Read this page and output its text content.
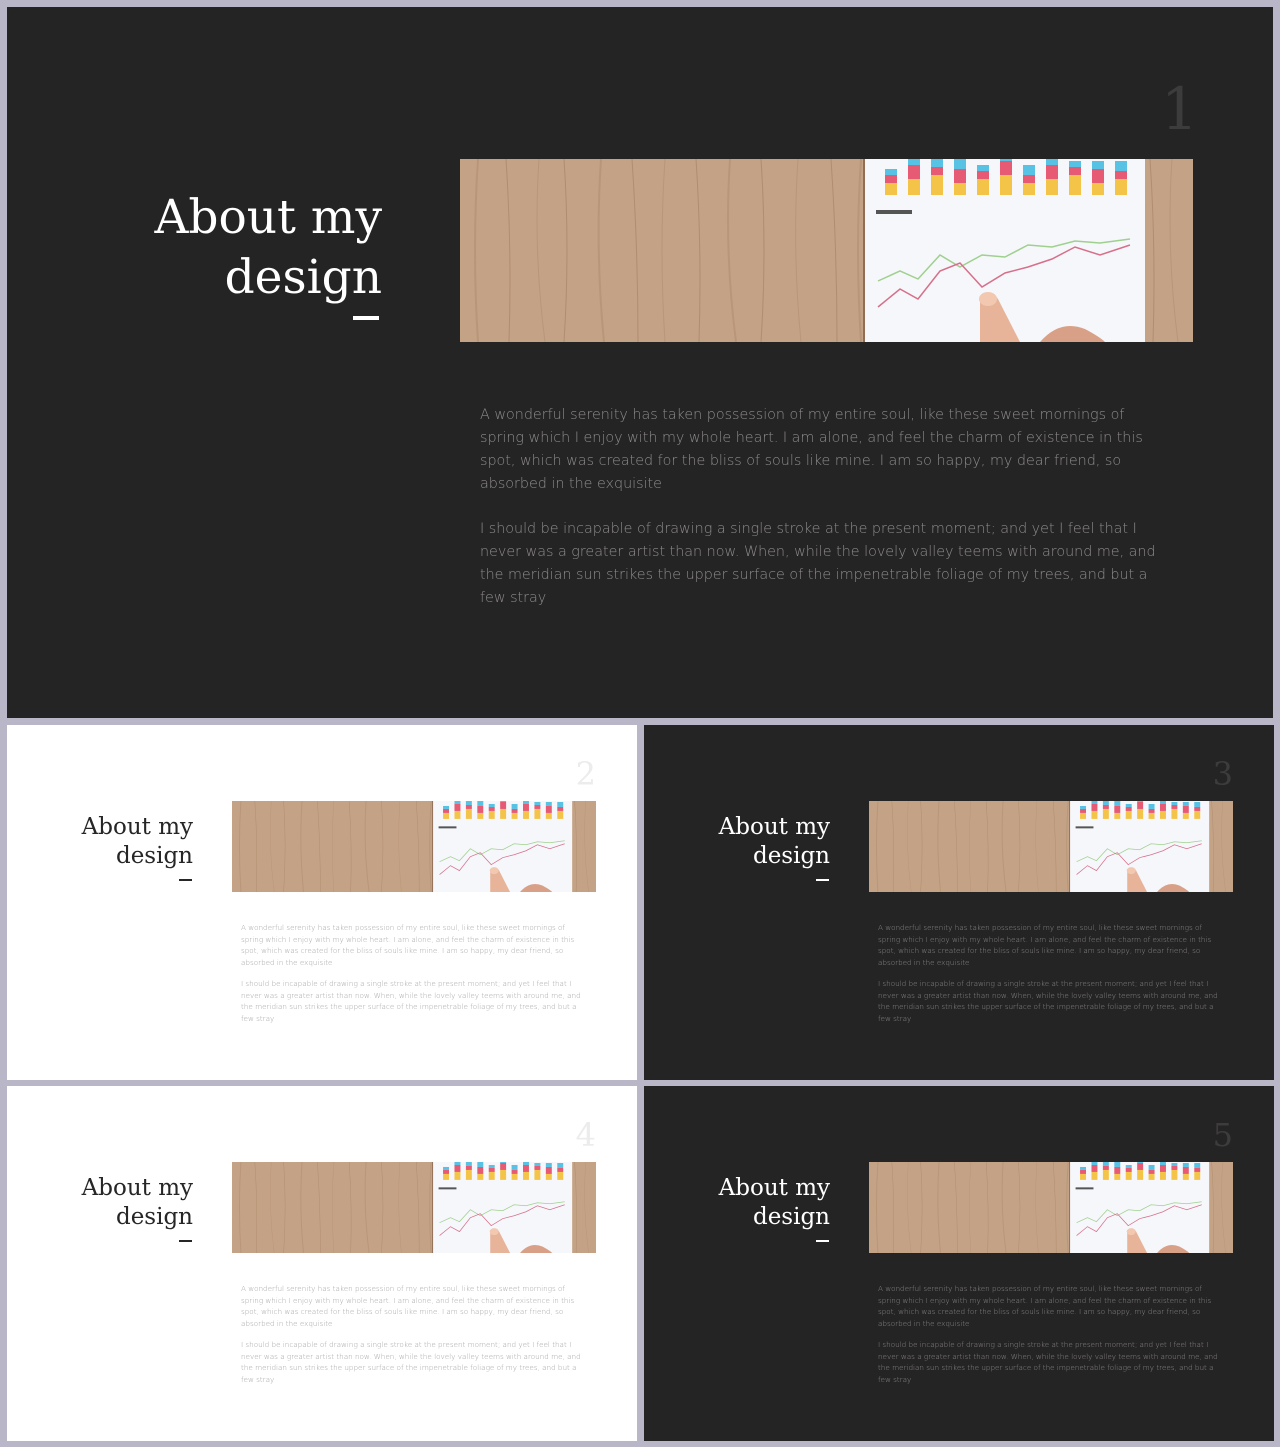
1
About my
design

A wonderful serenity has taken possession of my entire soul, like these sweet mornings of spring which I enjoy with my whole heart. I am alone, and feel the charm of existence in this spot, which was created for the bliss of souls like mine. I am so happy, my dear friend, so absorbed in the exquisite

I should be incapable of drawing a single stroke at the present moment; and yet I feel that I never was a greater artist than now. When, while the lovely valley teems with around me, and the meridian sun strikes the upper surface of the impenetrable foliage of my trees, and but a few stray

2
About my
design

A wonderful serenity has taken possession of my entire soul, like these sweet mornings of spring which I enjoy with my whole heart. I am alone, and feel the charm of existence in this spot, which was created for the bliss of souls like mine. I am so happy, my dear friend, so absorbed in the exquisite

I should be incapable of drawing a single stroke at the present moment; and yet I feel that I never was a greater artist than now. When, while the lovely valley teems with around me, and the meridian sun strikes the upper surface of the impenetrable foliage of my trees, and but a few stray

3
About my
design

A wonderful serenity has taken possession of my entire soul, like these sweet mornings of spring which I enjoy with my whole heart. I am alone, and feel the charm of existence in this spot, which was created for the bliss of souls like mine. I am so happy, my dear friend, so absorbed in the exquisite

I should be incapable of drawing a single stroke at the present moment; and yet I feel that I never was a greater artist than now. When, while the lovely valley teems with around me, and the meridian sun strikes the upper surface of the impenetrable foliage of my trees, and but a few stray

4
About my
design

A wonderful serenity has taken possession of my entire soul, like these sweet mornings of spring which I enjoy with my whole heart. I am alone, and feel the charm of existence in this spot, which was created for the bliss of souls like mine. I am so happy, my dear friend, so absorbed in the exquisite

I should be incapable of drawing a single stroke at the present moment; and yet I feel that I never was a greater artist than now. When, while the lovely valley teems with around me, and the meridian sun strikes the upper surface of the impenetrable foliage of my trees, and but a few stray

5
About my
design

A wonderful serenity has taken possession of my entire soul, like these sweet mornings of spring which I enjoy with my whole heart. I am alone, and feel the charm of existence in this spot, which was created for the bliss of souls like mine. I am so happy, my dear friend, so absorbed in the exquisite

I should be incapable of drawing a single stroke at the present moment; and yet I feel that I never was a greater artist than now. When, while the lovely valley teems with around me, and the meridian sun strikes the upper surface of the impenetrable foliage of my trees, and but a few stray
